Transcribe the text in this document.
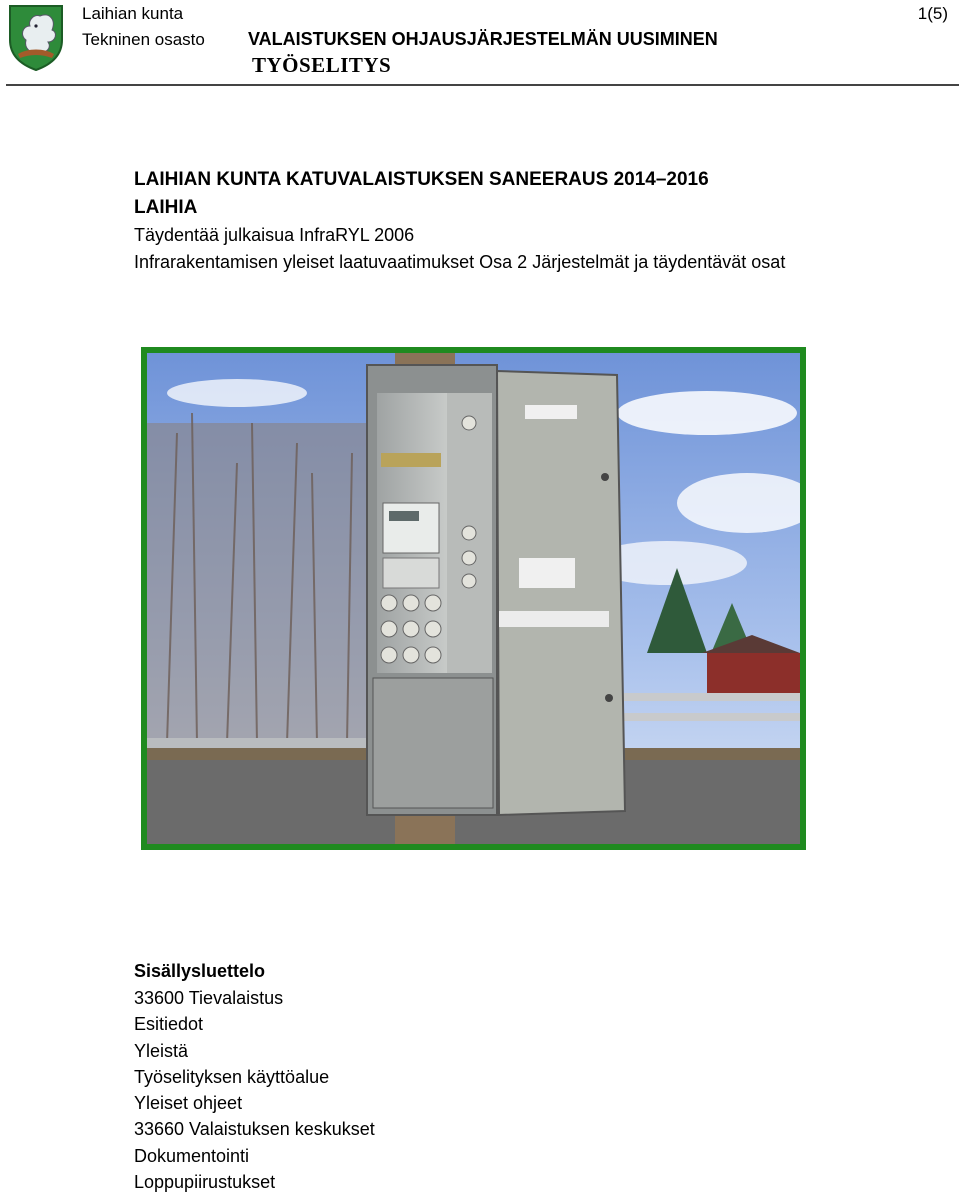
Laihian kunta
Tekninen osasto VALAISTUKSEN OHJAUSJÄRJESTELMÄN UUSIMINEN
TYÖSELITYS
1(5)
LAIHIAN KUNTA KATUVALAISTUKSEN SANEERAUS 2014–2016
LAIHIA
Täydentää julkaisua InfraRYL 2006
Infrarakentamisen yleiset laatuvaatimukset Osa 2 Järjestelmät ja täydentävät osat
Sisällysluettelo
33600 Tievalaistus
Esitiedot
Yleistä
Työselityksen käyttöalue
Yleiset ohjeet
33660 Valaistuksen keskukset
Dokumentointi
Loppupiirustukset
